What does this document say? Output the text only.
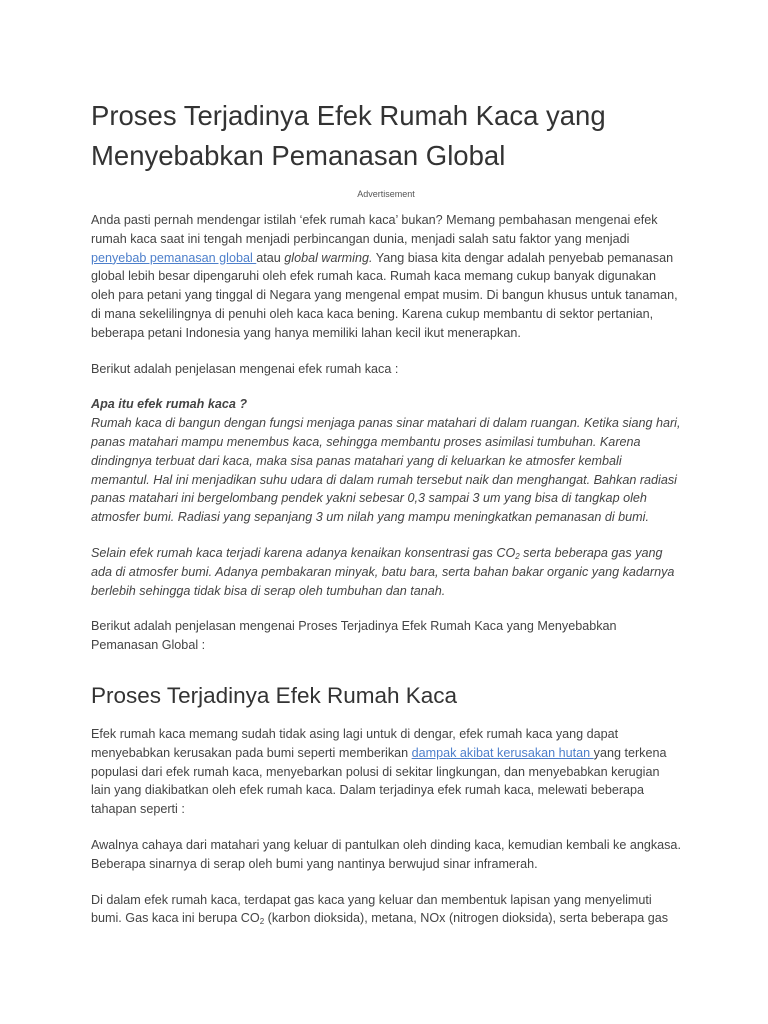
Proses Terjadinya Efek Rumah Kaca yang Menyebabkan Pemanasan Global
Advertisement

Anda pasti pernah mendengar istilah ‘efek rumah kaca’ bukan? Memang pembahasan mengenai efek rumah kaca saat ini tengah menjadi perbincangan dunia, menjadi salah satu faktor yang menjadi penyebab pemanasan global atau global warming. Yang biasa kita dengar adalah penyebab pemanasan global lebih besar dipengaruhi oleh efek rumah kaca. Rumah kaca memang cukup banyak digunakan oleh para petani yang tinggal di Negara yang mengenal empat musim. Di bangun khusus untuk tanaman, di mana sekelilingnya di penuhi oleh kaca kaca bening. Karena cukup membantu di sektor pertanian, beberapa petani Indonesia yang hanya memiliki lahan kecil ikut menerapkan.

Berikut adalah penjelasan mengenai efek rumah kaca :

Apa itu efek rumah kaca ?
Rumah kaca di bangun dengan fungsi menjaga panas sinar matahari di dalam ruangan. Ketika siang hari, panas matahari mampu menembus kaca, sehingga membantu proses asimilasi tumbuhan. Karena dindingnya terbuat dari kaca, maka sisa panas matahari yang di keluarkan ke atmosfer kembali memantul. Hal ini menjadikan suhu udara di dalam rumah tersebut naik dan menghangat. Bahkan radiasi panas matahari ini bergelombang pendek yakni sebesar 0,3 sampai 3 um yang bisa di tangkap oleh atmosfer bumi. Radiasi yang sepanjang 3 um nilah yang mampu meningkatkan pemanasan di bumi.

Selain efek rumah kaca terjadi karena adanya kenaikan konsentrasi gas $CO_2$ serta beberapa gas yang ada di atmosfer bumi. Adanya pembakaran minyak, batu bara, serta bahan bakar organic yang kadarnya berlebih sehingga tidak bisa di serap oleh tumbuhan dan tanah.

Berikut adalah penjelasan mengenai Proses Terjadinya Efek Rumah Kaca yang Menyebabkan Pemanasan Global :

Proses Terjadinya Efek Rumah Kaca

Efek rumah kaca memang sudah tidak asing lagi untuk di dengar, efek rumah kaca yang dapat menyebabkan kerusakan pada bumi seperti memberikan dampak akibat kerusakan hutan yang terkena populasi dari efek rumah kaca, menyebarkan polusi di sekitar lingkungan, dan menyebabkan kerugian lain yang diakibatkan oleh efek rumah kaca. Dalam terjadinya efek rumah kaca, melewati beberapa tahapan seperti :

Awalnya cahaya dari matahari yang keluar di pantulkan oleh dinding kaca, kemudian kembali ke angkasa. Beberapa sinarnya di serap oleh bumi yang nantinya berwujud sinar inframerah.

Di dalam efek rumah kaca, terdapat gas kaca yang keluar dan membentuk lapisan yang menyelimuti bumi. Gas kaca ini berupa $CO_2$ (karbon dioksida), metana, NOx (nitrogen dioksida), serta beberapa gas
